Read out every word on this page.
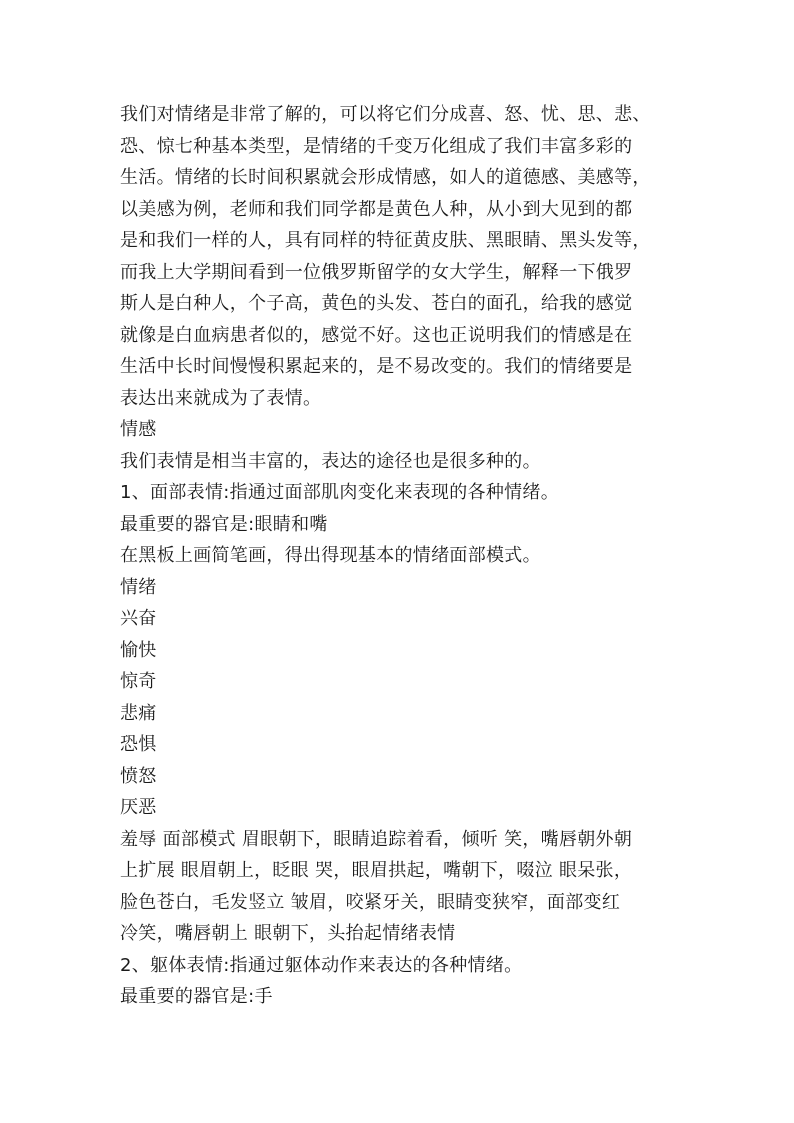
我们对情绪是非常了解的，可以将它们分成喜、怒、忧、思、悲、

恐、惊七种基本类型，是情绪的千变万化组成了我们丰富多彩的

生活。情绪的长时间积累就会形成情感，如人的道德感、美感等，

以美感为例，老师和我们同学都是黄色人种，从小到大见到的都

是和我们一样的人，具有同样的特征黄皮肤、黑眼睛、黑头发等，

而我上大学期间看到一位俄罗斯留学的女大学生，解释一下俄罗

斯人是白种人，个子高，黄色的头发、苍白的面孔，给我的感觉

就像是白血病患者似的，感觉不好。这也正说明我们的情感是在

生活中长时间慢慢积累起来的，是不易改变的。我们的情绪要是

表达出来就成为了表情。

情感

我们表情是相当丰富的，表达的途径也是很多种的。

1、面部表情:指通过面部肌肉变化来表现的各种情绪。

最重要的器官是:眼睛和嘴

在黑板上画简笔画，得出得现基本的情绪面部模式。

情绪

兴奋

愉快

惊奇

悲痛

恐惧

愤怒

厌恶

羞辱 面部模式 眉眼朝下，眼睛追踪着看，倾听 笑，嘴唇朝外朝

上扩展 眼眉朝上，眨眼 哭，眼眉拱起，嘴朝下，啜泣 眼呆张，

脸色苍白，毛发竖立 皱眉，咬紧牙关，眼睛变狭窄，面部变红

冷笑，嘴唇朝上 眼朝下，头抬起情绪表情

2、躯体表情:指通过躯体动作来表达的各种情绪。

最重要的器官是:手
